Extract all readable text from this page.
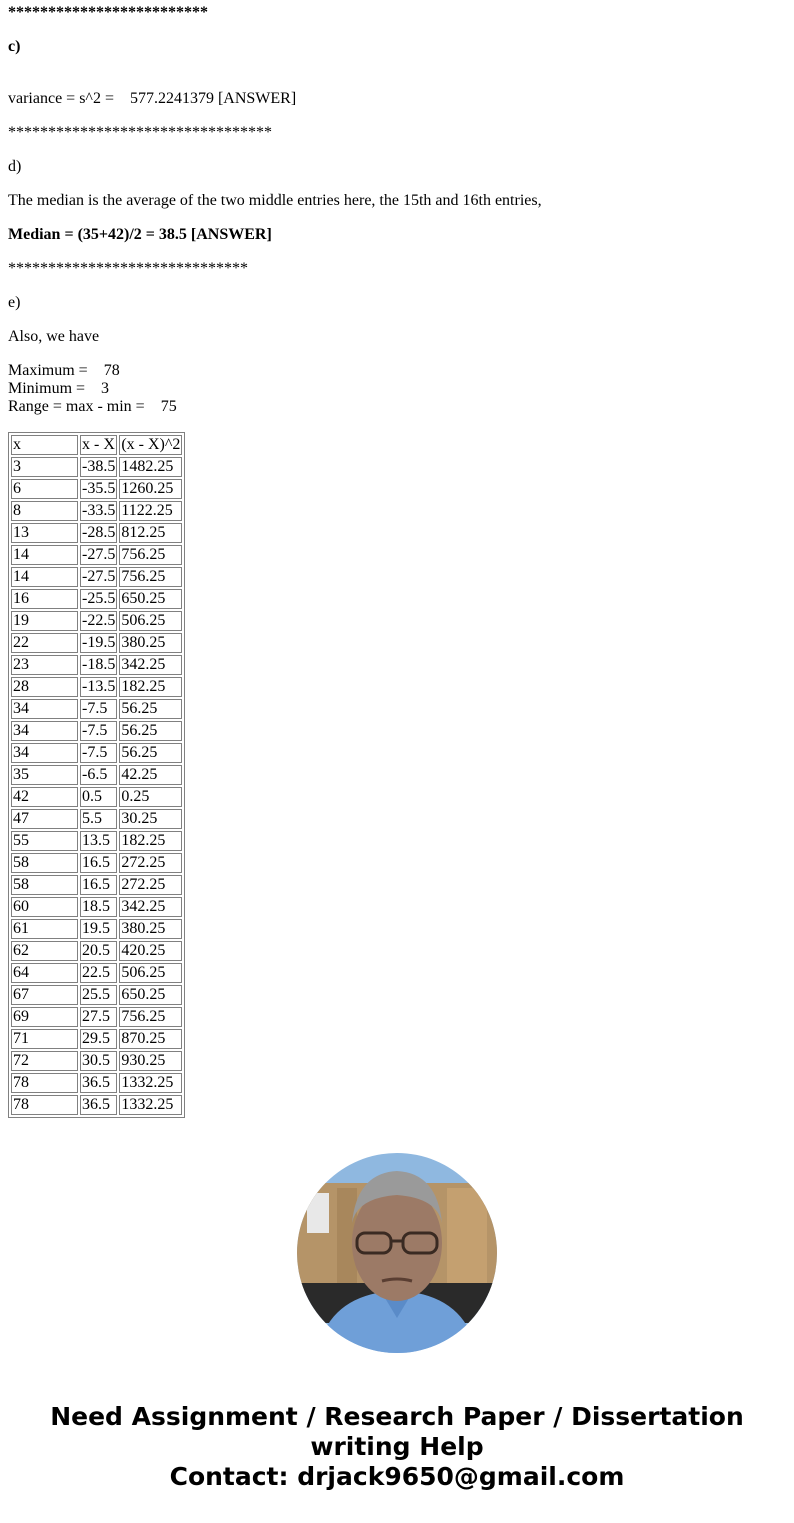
*************************

c)

variance = s^2 =    577.2241379 [ANSWER]

*********************************

d)

The median is the average of the two middle entries here, the 15th and 16th entries,

Median = (35+42)/2 = 38.5 [ANSWER]

******************************

e)

Also, we have

Maximum =    78
Minimum =    3
Range = max - min =    75
x	x - X	(x - X)^2
3	-38.5	1482.25
6	-35.5	1260.25
8	-33.5	1122.25
13	-28.5	812.25
14	-27.5	756.25
14	-27.5	756.25
16	-25.5	650.25
19	-22.5	506.25
22	-19.5	380.25
23	-18.5	342.25
28	-13.5	182.25
34	-7.5	56.25
34	-7.5	56.25
34	-7.5	56.25
35	-6.5	42.25
42	0.5	0.25
47	5.5	30.25
55	13.5	182.25
58	16.5	272.25
58	16.5	272.25
60	18.5	342.25
61	19.5	380.25
62	20.5	420.25
64	22.5	506.25
67	25.5	650.25
69	27.5	756.25
71	29.5	870.25
72	30.5	930.25
78	36.5	1332.25
78	36.5	1332.25
Need Assignment / Research Paper / Dissertation
writing Help
Contact: drjack9650@gmail.com
